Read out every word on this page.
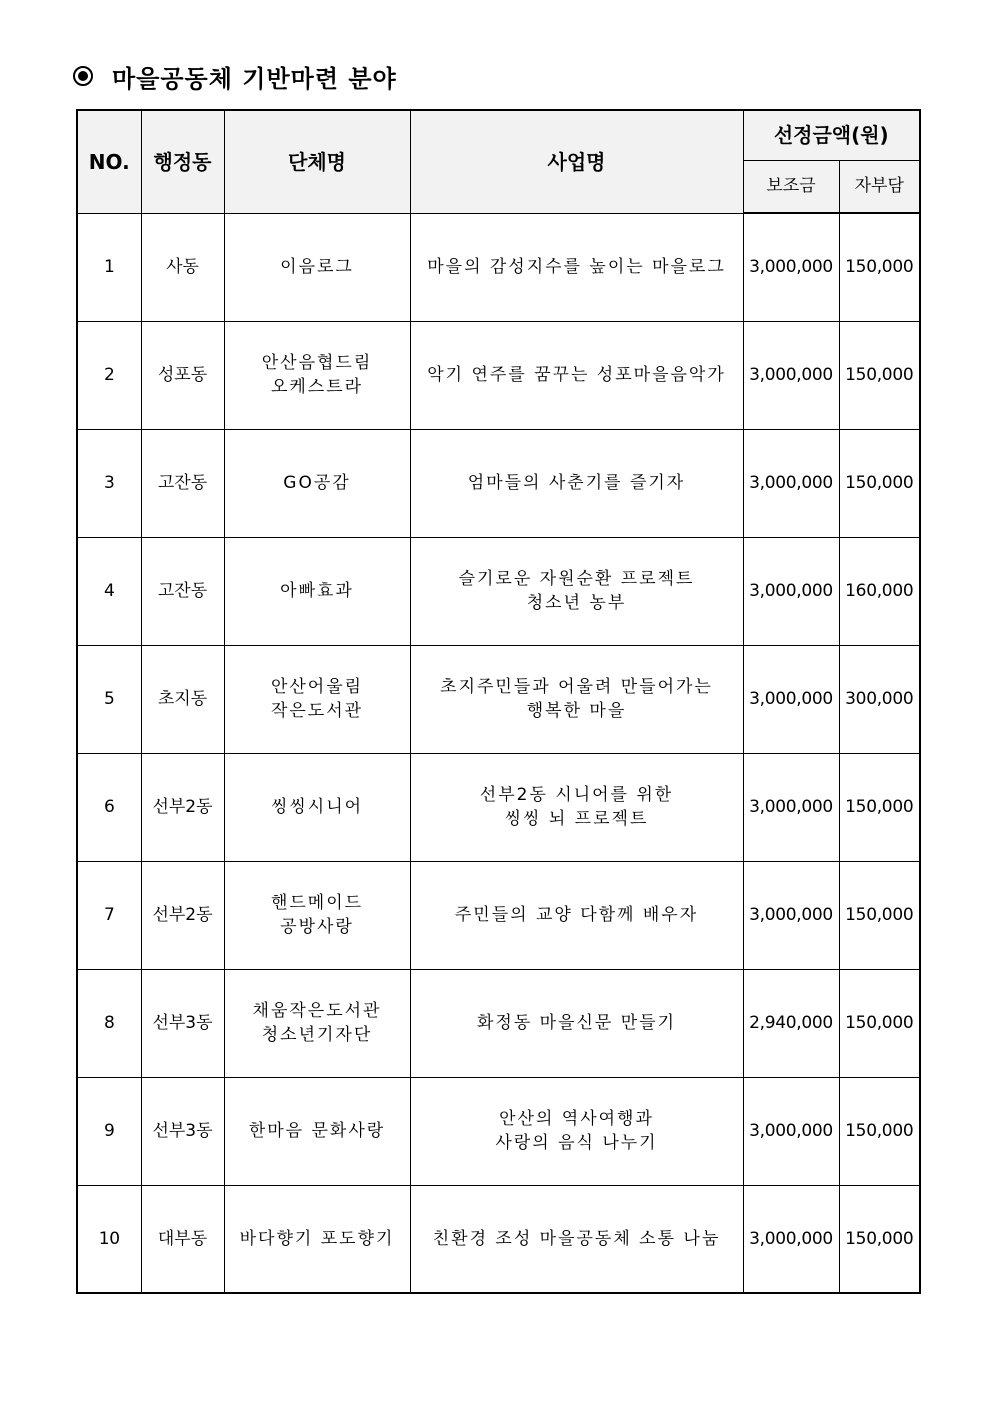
마을공동체 기반마련 분야
NO.	행정동	단체명	사업명	선정금액(원)	
				보조금	자부담
1	사동	이음로그	마을의 감성지수를 높이는 마을로그	3,000,000	150,000
2	성포동	안산음협드림
오케스트라	악기 연주를 꿈꾸는 성포마을음악가	3,000,000	150,000
3	고잔동	GO공감	엄마들의 사춘기를 즐기자	3,000,000	150,000
4	고잔동	아빠효과	슬기로운 자원순환 프로젝트
청소년 농부	3,000,000	160,000
5	초지동	안산어울림
작은도서관	초지주민들과 어울려 만들어가는
행복한 마을	3,000,000	300,000
6	선부2동	씽씽시니어	선부2동 시니어를 위한
씽씽 뇌 프로젝트	3,000,000	150,000
7	선부2동	핸드메이드
공방사랑	주민들의 교양 다함께 배우자	3,000,000	150,000
8	선부3동	채움작은도서관
청소년기자단	화정동 마을신문 만들기	2,940,000	150,000
9	선부3동	한마음 문화사랑	안산의 역사여행과
사랑의 음식 나누기	3,000,000	150,000
10	대부동	바다향기 포도향기	친환경 조성 마을공동체 소통 나눔	3,000,000	150,000
